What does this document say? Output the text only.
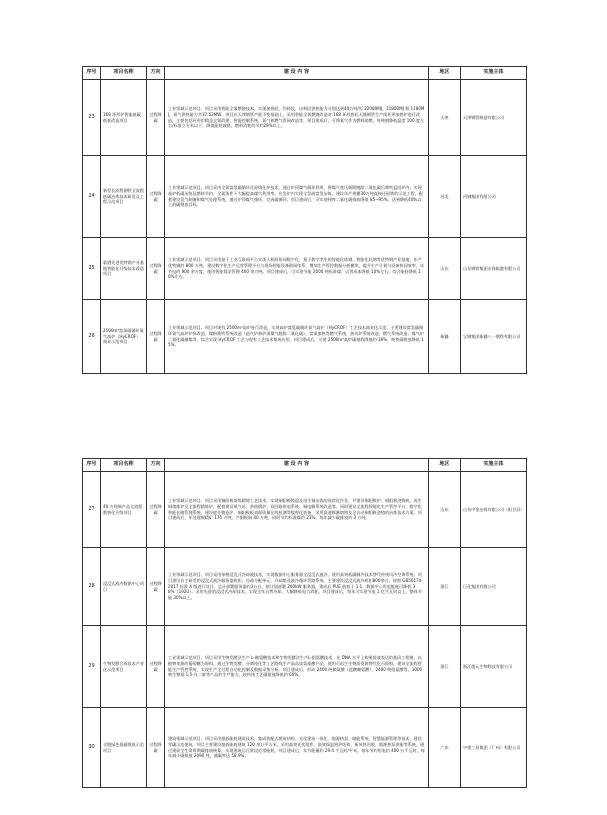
序号	项目名称	方向	建 设 内 容	地区	实施主体
23	168 环形炉智能低碳低耗改造项目	过程降碳	工业领域示范项目。项目采用智能全氧燃烧技术，实现加热段、均热段、出料段供热能力分别达到40万吨/年 22080MJ、11800MJ 和 1180MJ，氧气供热能力共37.52MW。项目在天津钢管产能不变基础上，采用智能全氧燃烧改造对 168 环形热轧无缝钢管生产线环形加热炉进行改造，主要包括环形炉精益全氧改建、智能控制系统、氧气和燃气管网改造等。项目建成后，可将氧气作为燃料助燃，每吨钢降低温度 100 度左右/标准立方米以下，降低能耗减排，燃料消耗约节约28%以上。	天津	天津钢管制造有限公司
24	新型长流程钢铁全流程低碳冶炼技术研发及工程示范项目	过程降碳	工业领域示范项目。项目采用全氧富氢碳循环还原熔化炉技术，通过炉顶煤气循环利用，将煤气变压吸附脱除二氧化碳后喷吹返回炉内，实现高炉低碳冶炼及燃料节约，全氧条件下大幅提高煤气利用率，在竖炉内实现全氢或富氢冶炼，建设年产规模30万吨直接还原铁的示范工程，配套建设氢气制备和煤气处理系统，通过炉顶煤气循环，完成碳循环。项目建成后，可实现吨铁二氧化碳排放降低 85~95%，达到降低40%以上的碳排放目标。	河北	河钢集团有限公司
25	临港先进优特钢产业基地智能化升级技术改造项目	过程降碳	工业领域示范项目。项目采用基于工业互联网平台实现人机料协同数字化，基于数字孪生的智能化炼钢、智能化轧钢等优特钢产业基地，年产优特钢约 800 万吨，建设数字化生产运营管理平台与现场智能设备联网体系，增加生产管控数据分析模块，提升生产计划与设备协同效率，年节电约 900 余万度，使用智能算法管理 400 余万吨。项目建成后，可实现节能 2000 吨标准煤，运营成本降低 10%左右，综合能耗降低 10%左右。	山东	山东钢铁集团永锋临港有限公司
26	2500m³富氧碳循环氧气高炉（HyCROF）商业示范项目	过程降碳	工业领域示范项目。项目对现有 2500m³高炉进行改造，实现高炉富氢碳循环氧气高炉（HyCROF）工艺技术商业化示范。主要建设富氢碳循环氧气高炉炉体改造、煤粉喷吹系统改造（造气炉和炉顶煤气脱除二氧化碳）、富氧加热等燃气系统，热风炉系统改造、燃气系统改造、煤气炉二氧化碳捕集等，综合实现 HyCROF 工艺与现有工艺技术集成应用。项目建成后，可使 2500m³高炉碳排放降低约 30%，吨铁碳排放降低 15%。	新疆	宝钢集团新疆八一钢铁有限公司
序号	项目名称	方向	建 设 内 容	地区	实施主体
27	40 万吨铜产品全流程数智化升级项目	过程降碳	工业领域示范项目。项目采用铜阳极熔炼精铸工艺技术，实现铜阳极铸造及再生铜冶炼的连续化作业，并建设铜阳极炉、铜阳极浇铸机、再生铜熔炼炉及全流程精炼炉，配套建设氧气站、余热锅炉、双回路供电系统、铜电解系统改造等。同时建设全流程智能化生产管控平台、数字化智能仓储管理系统，建设提升铸造炉、铜阳极板表面质量在线检测等数智化装备，采用高速喷淋熔铸及全自动铜阳极浇铸的冶炼技术方案。项目建成后，年处理铜精矿 175 万吨，产阳极铜 40 万吨，同时节约标准煤约 23%，每年减少碳排放约 3 万吨。	山东	山东中金冶炼有限公司（阳谷县）
28	浸没式液冷数据中心项目	过程降碳	工业领域示范项目。项目采用单相浸没式冷却液技术，实现数据中心服务器全浸没式液冷，使用高效低碳制冷技术替代传统风冷空调系统。项目建设自主研发的浸没式液冷服务器机柜、冷却分配单元、冷却塔及液冷循环管路系统，主要建设浸没式液冷机柜800余台，按照 GB50174-2017 标准 A 级进行设计，总计部署服务器约3万台，按计划部署 200kW 服务器，建成后 PUE 值低于 1.1，数据中心用电能耗可降低 38%（192U）。采用先进的浸没式冷却技术，实现全年自然冷却，大幅降低电力消耗。项目建成后，每年可实现节电 1 亿千瓦时以上，整体节能 30%以上。	浙江	巨化集团有限公司
29	生物发酵合成技术产业化示范项目	过程降碳	工业领域示范项目。项目采用生物发酵法生产 L-赖氨酸技术和生物发酵法生产L-组氨酸技术，在 DNA 水平上构建高效表达的基因工程菌，以植物来源的葡萄糖为原料，通过生物发酵、分离纯化等工艺路线生产高品质氨基酸产品，使用可再生生物质资源替代化石原料，建设全流程智能生产管控系统，实现生产全过程自动化控制及数据采集分析。项目建成后，形成 2400 吨赖氨酸（盐酸赖氨酸）、2400 吨组氨酸等，1000 吨生物基 1,5-戊二胺等产品的生产能力，较传统工艺碳排放降低约 60%。	浙江	浙江震元生物科技有限公司
30	全链绿色低碳建筑示范项目	过程降碳	建筑领域示范项目。项目采用超低能耗建筑技术，集成装配式建筑结构、光伏建筑一体化、地源热泵、储能系统、智慧能源管理等技术，建设零碳示范建筑。项目主要建设超低能耗建筑 120 余万平方米，采用高效光伏组件、高效保温围护结构、新风热回收、地源热泵供能等系统，通过建筑全生命周期碳排放核算，实现建筑运行阶段近零能耗。项目建成后，年节能量约 29.4 千瓦时/平米，每年节约用电约 400 万千瓦时，每年减少碳排放 2090 吨，减碳率达 58.9%。	广东	中建三局集团（广州）有限公司
